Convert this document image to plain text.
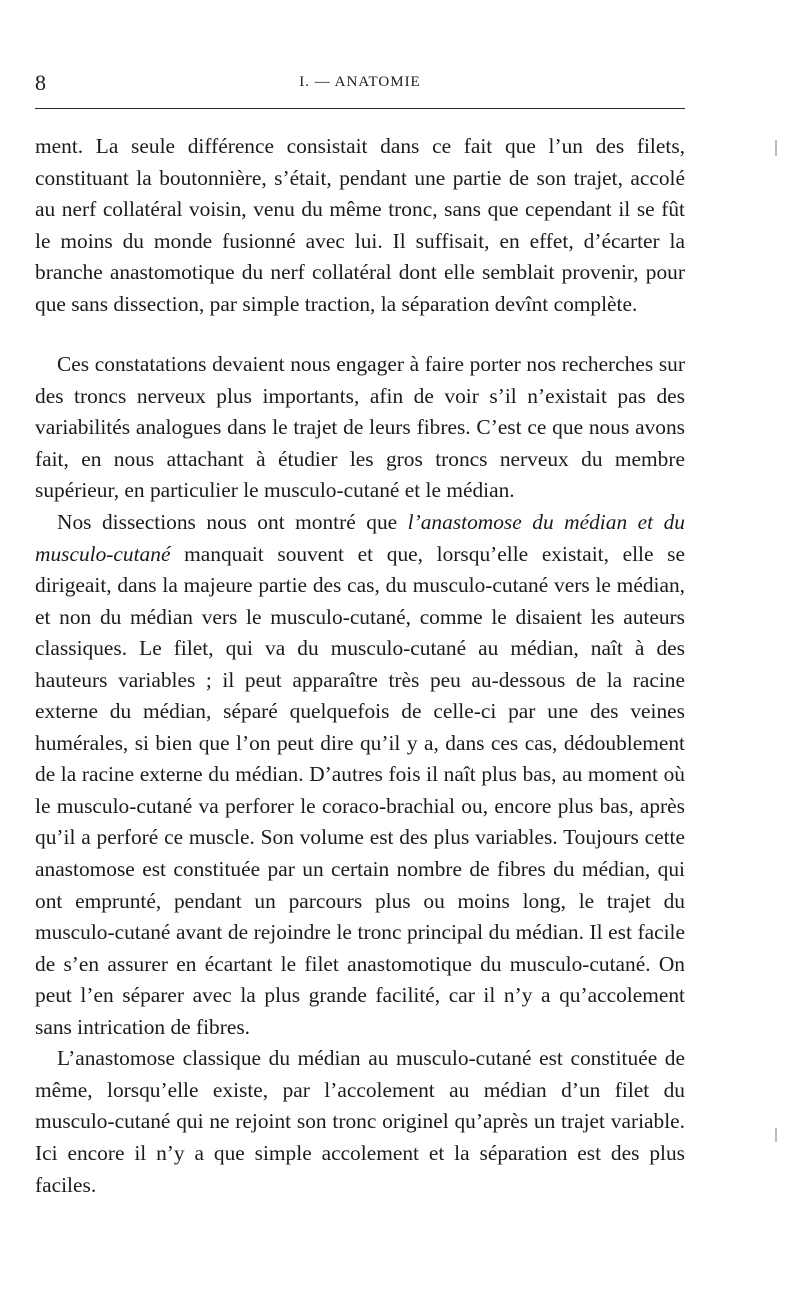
8	I. — ANATOMIE

ment. La seule différence consistait dans ce fait que l’un des filets, constituant la boutonnière, s’était, pendant une partie de son trajet, accolé au nerf collatéral voisin, venu du même tronc, sans que cependant il se fût le moins du monde fusionné avec lui. Il suffisait, en effet, d’écarter la branche anastomotique du nerf collatéral dont elle semblait provenir, pour que sans dissection, par simple traction, la séparation devînt complète.

Ces constatations devaient nous engager à faire porter nos recherches sur des troncs nerveux plus importants, afin de voir s’il n’existait pas des variabilités analogues dans le trajet de leurs fibres. C’est ce que nous avons fait, en nous attachant à étudier les gros troncs nerveux du membre supérieur, en particulier le musculo-cutané et le médian.

Nos dissections nous ont montré que l’anastomose du médian et du musculo-cutané manquait souvent et que, lorsqu’elle existait, elle se dirigeait, dans la majeure partie des cas, du musculo-cutané vers le médian, et non du médian vers le musculo-cutané, comme le disaient les auteurs classiques. Le filet, qui va du musculo-cutané au médian, naît à des hauteurs variables ; il peut apparaître très peu au-dessous de la racine externe du médian, séparé quelquefois de celle-ci par une des veines humérales, si bien que l’on peut dire qu’il y a, dans ces cas, dédoublement de la racine externe du médian. D’autres fois il naît plus bas, au moment où le musculo-cutané va perforer le coraco-brachial ou, encore plus bas, après qu’il a perforé ce muscle. Son volume est des plus variables. Toujours cette anastomose est constituée par un certain nombre de fibres du médian, qui ont emprunté, pendant un parcours plus ou moins long, le trajet du musculo-cutané avant de rejoindre le tronc principal du médian. Il est facile de s’en assurer en écartant le filet anastomotique du musculo-cutané. On peut l’en séparer avec la plus grande facilité, car il n’y a qu’accolement sans intrication de fibres.

L’anastomose classique du médian au musculo-cutané est constituée de même, lorsqu’elle existe, par l’accolement au médian d’un filet du musculo-cutané qui ne rejoint son tronc originel qu’après un trajet variable. Ici encore il n’y a que simple accolement et la séparation est des plus faciles.
